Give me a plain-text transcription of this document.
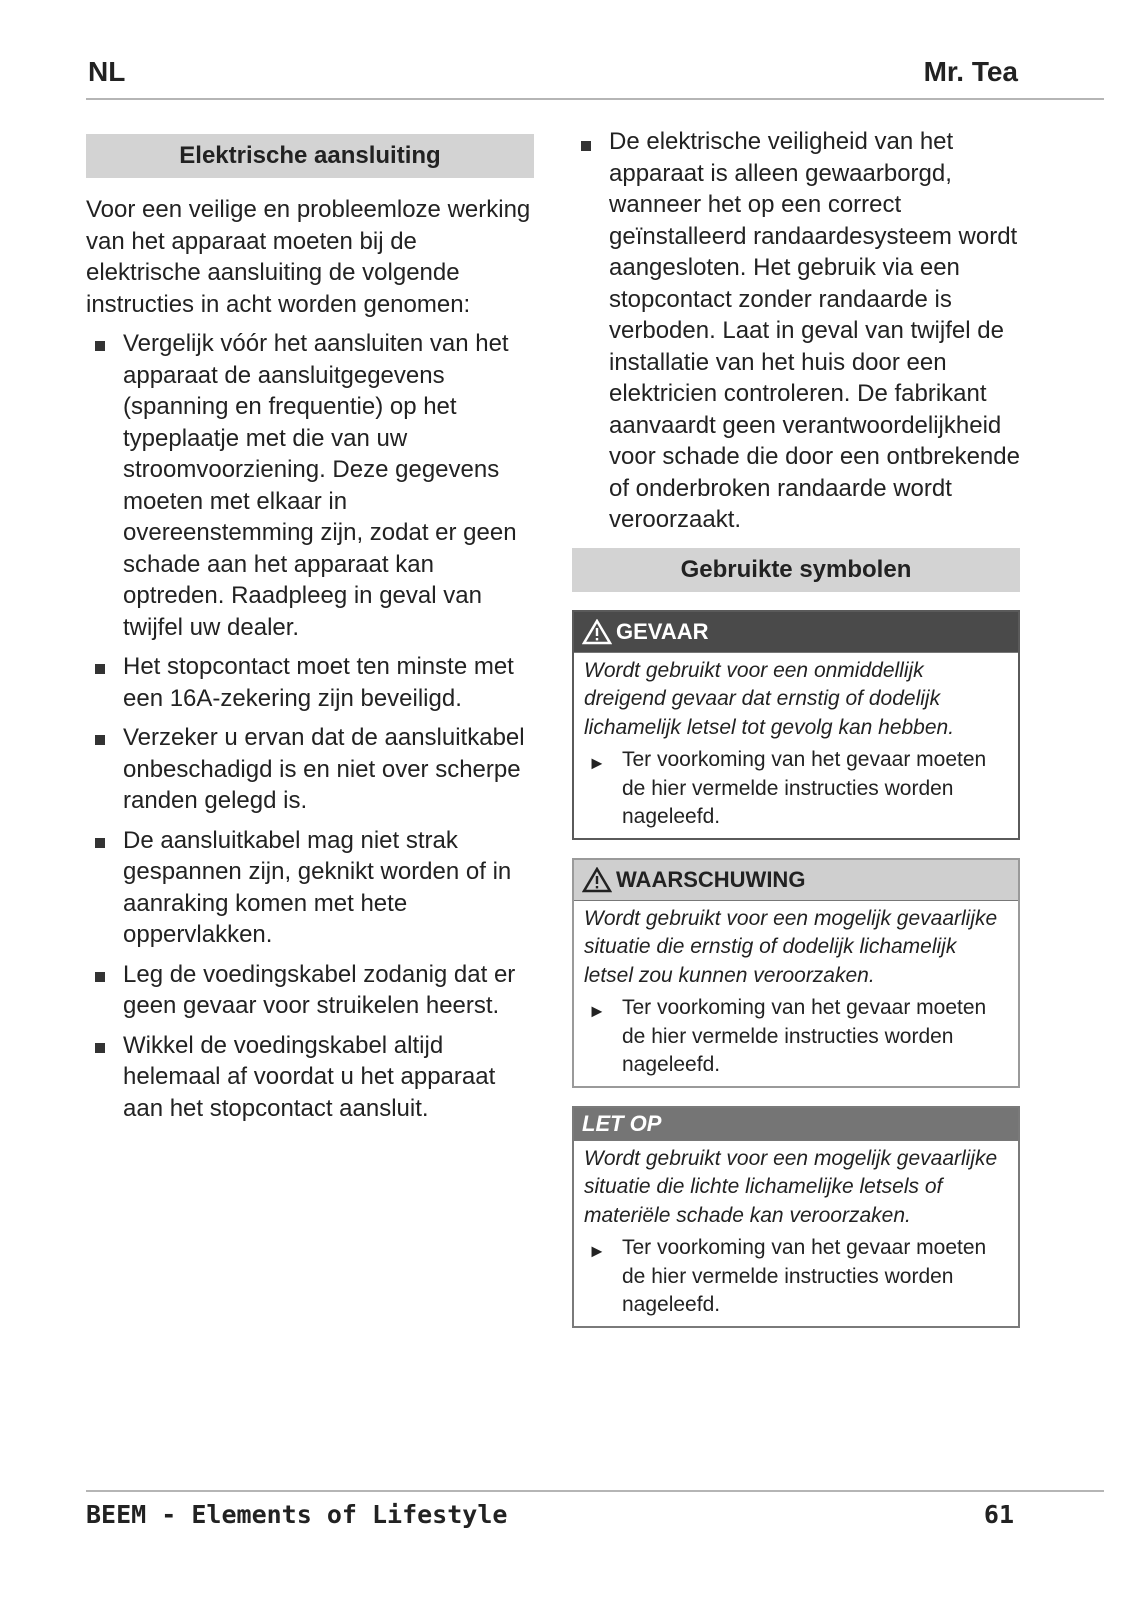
NL	Mr. Tea
Elektrische aansluiting

Voor een veilige en probleemloze werking van het apparaat moeten bij de elektrische aansluiting de volgende instructies in acht worden genomen:

Vergelijk vóór het aansluiten van het apparaat de aansluitgegevens (spanning en frequentie) op het typeplaatje met die van uw stroomvoorziening. Deze gegevens moeten met elkaar in overeenstemming zijn, zodat er geen schade aan het apparaat kan optreden. Raadpleeg in geval van twijfel uw dealer.
Het stopcontact moet ten minste met een 16A-zekering zijn beveiligd.
Verzeker u ervan dat de aansluitkabel onbeschadigd is en niet over scherpe randen gelegd is.
De aansluitkabel mag niet strak gespannen zijn, geknikt worden of in aanraking komen met hete oppervlakken.
Leg de voedingskabel zodanig dat er geen gevaar voor struikelen heerst.
Wikkel de voedingskabel altijd helemaal af voordat u het apparaat aan het stopcontact aansluit.
De elektrische veiligheid van het apparaat is alleen gewaarborgd, wanneer het op een correct geïnstalleerd randaardesysteem wordt aangesloten. Het gebruik via een stopcontact zonder randaarde is verboden. Laat in geval van twijfel de installatie van het huis door een elektricien controleren. De fabrikant aanvaardt geen verantwoordelijkheid voor schade die door een ontbrekende of onderbroken randaarde wordt veroorzaakt.
Gebruikte symbolen
GEVAAR
Wordt gebruikt voor een onmiddellijk dreigend gevaar dat ernstig of dodelijk lichamelijk letsel tot gevolg kan hebben.
► Ter voorkoming van het gevaar moeten de hier vermelde instructies worden nageleefd.
WAARSCHUWING
Wordt gebruikt voor een mogelijk gevaarlijke situatie die ernstig of dodelijk lichamelijk letsel zou kunnen veroorzaken.
► Ter voorkoming van het gevaar moeten de hier vermelde instructies worden nageleefd.
LET OP
Wordt gebruikt voor een mogelijk gevaarlijke situatie die lichte lichamelijke letsels of materiële schade kan veroorzaken.
► Ter voorkoming van het gevaar moeten de hier vermelde instructies worden nageleefd.
BEEM - Elements of Lifestyle	61
